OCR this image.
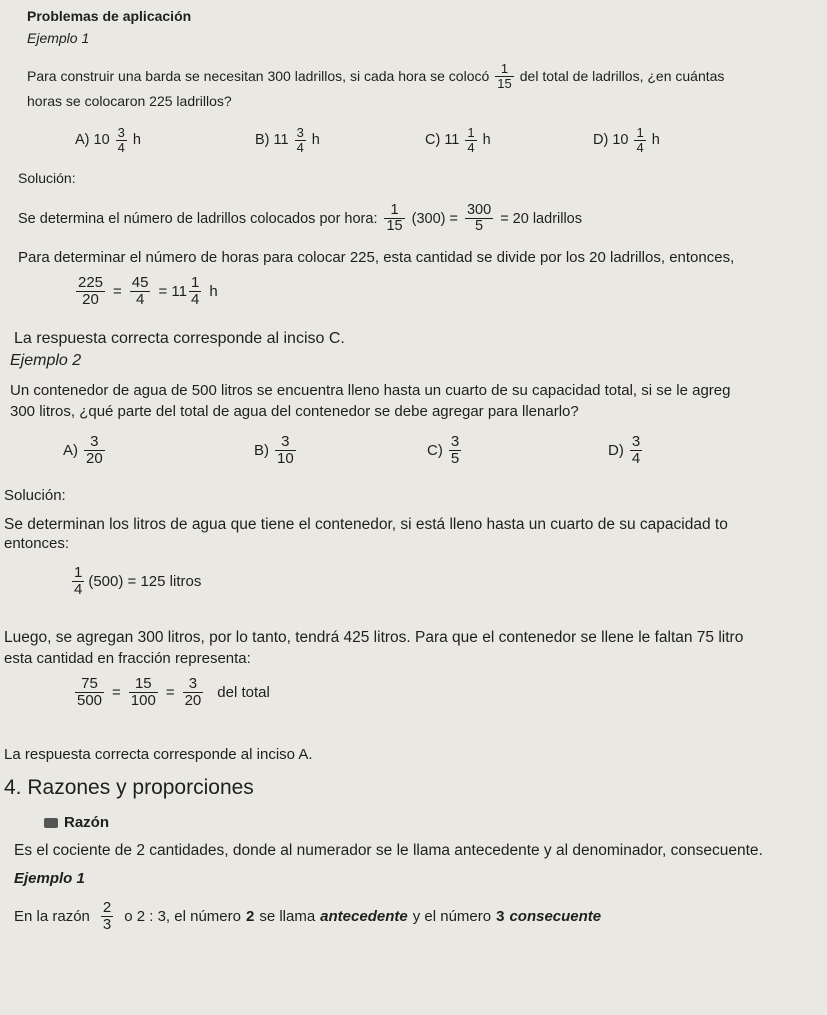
Problemas de aplicación
Ejemplo 1
Para construir una barda se necesitan 300 ladrillos, si cada hora se colocó $\frac{1}{15}$ del total de ladrillos, ¿en cuántas
horas se colocaron 225 ladrillos?
A) $10 \frac{3}{4}$ h	B) $11 \frac{3}{4}$ h	C) $11 \frac{1}{4}$ h	D) $10 \frac{1}{4}$ h
Solución:
Se determina el número de ladrillos colocados por hora: $\frac{1}{15} (300) = \frac{300}{5} = 20$ ladrillos
Para determinar el número de horas para colocar 225, esta cantidad se divide por los 20 ladrillos, entonces,
$\frac{225}{20} = \frac{45}{4} = 11 \frac{1}{4}$ h
La respuesta correcta corresponde al inciso C.
Ejemplo 2
Un contenedor de agua de 500 litros se encuentra lleno hasta un cuarto de su capacidad total, si se le agreg
300 litros, ¿qué parte del total de agua del contenedor se debe agregar para llenarlo?
$A) \frac{3}{20}$	$B) \frac{3}{10}$	$C) \frac{3}{5}$	$D) \frac{3}{4}$
Solución:
Se determinan los litros de agua que tiene el contenedor, si está lleno hasta un cuarto de su capacidad to
entonces:
$\frac{1}{4} (500) = 125$ litros
Luego, se agregan 300 litros, por lo tanto, tendrá 425 litros. Para que el contenedor se llene le faltan 75 litro
esta cantidad en fracción representa:
$\frac{75}{500} = \frac{15}{100} = \frac{3}{20}$ del total
La respuesta correcta corresponde al inciso A.
4. Razones y proporciones
Razón
Es el cociente de 2 cantidades, donde al numerador se le llama antecedente y al denominador, consecuente.
Ejemplo 1
En la razón $\frac{2}{3}$ o 2 : 3, el número 2 se llama antecedente y el número 3 consecuente
